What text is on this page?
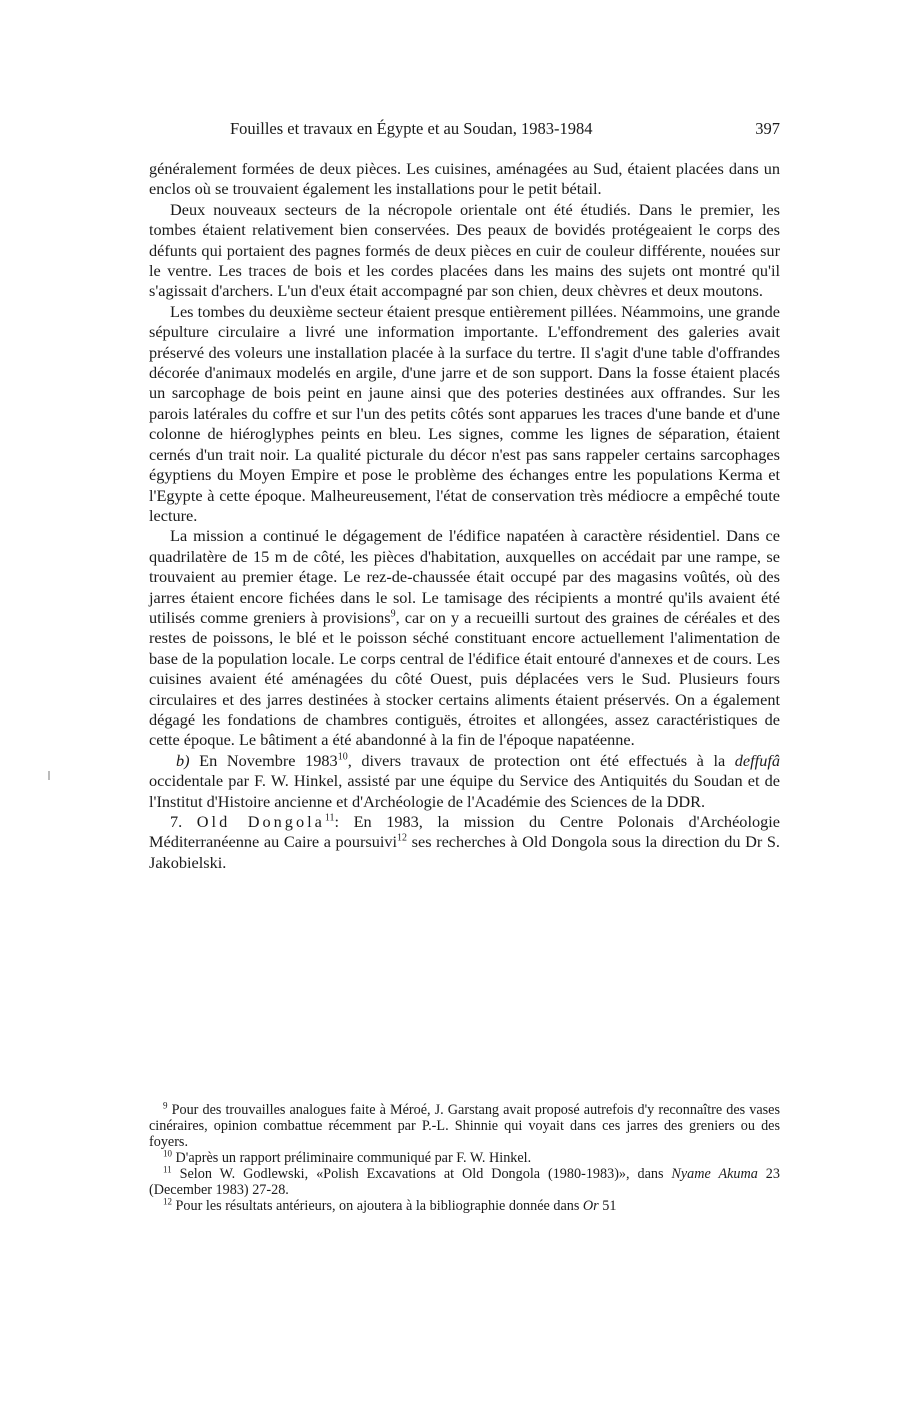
Fouilles et travaux en Égypte et au Soudan, 1983-1984	397

généralement formées de deux pièces. Les cuisines, aménagées au Sud, étaient placées dans un enclos où se trouvaient également les installations pour le petit bétail.

Deux nouveaux secteurs de la nécropole orientale ont été étudiés. Dans le premier, les tombes étaient relativement bien conservées. Des peaux de bovidés protégeaient le corps des défunts qui portaient des pagnes formés de deux pièces en cuir de couleur différente, nouées sur le ventre. Les traces de bois et les cordes placées dans les mains des sujets ont montré qu'il s'agissait d'archers. L'un d'eux était accompagné par son chien, deux chèvres et deux moutons.

Les tombes du deuxième secteur étaient presque entièrement pillées. Néammoins, une grande sépulture circulaire a livré une information importante. L'effondrement des galeries avait préservé des voleurs une installation placée à la surface du tertre. Il s'agit d'une table d'offrandes décorée d'animaux modelés en argile, d'une jarre et de son support. Dans la fosse étaient placés un sarcophage de bois peint en jaune ainsi que des poteries destinées aux offrandes. Sur les parois latérales du coffre et sur l'un des petits côtés sont apparues les traces d'une bande et d'une colonne de hiéroglyphes peints en bleu. Les signes, comme les lignes de séparation, étaient cernés d'un trait noir. La qualité picturale du décor n'est pas sans rappeler certains sarcophages égyptiens du Moyen Empire et pose le problème des échanges entre les populations Kerma et l'Egypte à cette époque. Malheureusement, l'état de conservation très médiocre a empêché toute lecture.

La mission a continué le dégagement de l'édifice napatéen à caractère résidentiel. Dans ce quadrilatère de 15 m de côté, les pièces d'habitation, auxquelles on accédait par une rampe, se trouvaient au premier étage. Le rez-de-chaussée était occupé par des magasins voûtés, où des jarres étaient encore fichées dans le sol. Le tamisage des récipients a montré qu'ils avaient été utilisés comme greniers à provisions$^9$, car on y a recueilli surtout des graines de céréales et des restes de poissons, le blé et le poisson séché constituant encore actuellement l'alimentation de base de la population locale. Le corps central de l'édifice était entouré d'annexes et de cours. Les cuisines avaient été aménagées du côté Ouest, puis déplacées vers le Sud. Plusieurs fours circulaires et des jarres destinées à stocker certains aliments étaient préservés. On a également dégagé les fondations de chambres contiguës, étroites et allongées, assez caractéristiques de cette époque. Le bâtiment a été abandonné à la fin de l'époque napatéenne.

b) En Novembre 1983$^{10}$, divers travaux de protection ont été effectués à la deffufâ occidentale par F. W. Hinkel, assisté par une équipe du Service des Antiquités du Soudan et de l'Institut d'Histoire ancienne et d'Archéologie de l'Académie des Sciences de la DDR.

7. Old Dongola$^{11}$: En 1983, la mission du Centre Polonais d'Archéologie Méditerranéenne au Caire a poursuivi$^{12}$ ses recherches à Old Dongola sous la direction du Dr S. Jakobielski.

$^9$ Pour des trouvailles analogues faite à Méroé, J. Garstang avait proposé autrefois d'y reconnaître des vases cinéraires, opinion combattue récemment par P.-L. Shinnie qui voyait dans ces jarres des greniers ou des foyers.

$^{10}$ D'après un rapport préliminaire communiqué par F. W. Hinkel.

$^{11}$ Selon W. Godlewski, «Polish Excavations at Old Dongola (1980-1983)», dans Nyame Akuma 23 (December 1983) 27-28.

$^{12}$ Pour les résultats antérieurs, on ajoutera à la bibliographie donnée dans Or 51
